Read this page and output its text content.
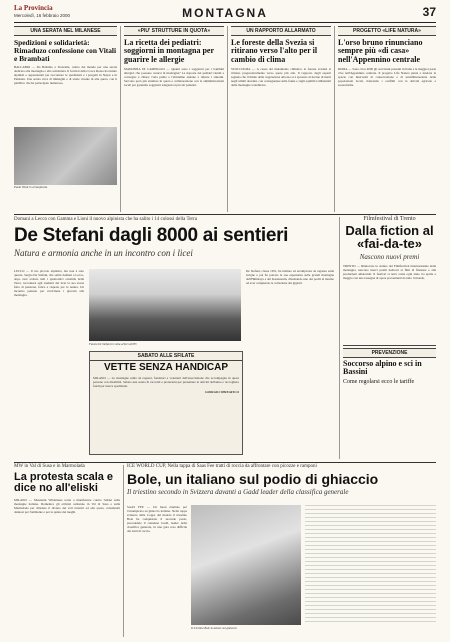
La Provincia
Mercoledì, 16 febbraio 2000	MONTAGNA	37
UNA SERATA NEL MILANESE
Spedizioni e solidarietà: Rimaduzo confessione con Vitali e Brambati
BALLABIO — Da Ballabio a Trezzella, centro del mondo per una serata dedicata alla montagna e alla solidarietà. Il festival della Croce Rossa ha riunito alpinisti e appassionati per raccontare le spedizioni e i progetti in Nepal e in Pakistan. Una serata ricca di immagini e di storie vissute in alta quota, con il pubblico che ha partecipato numeroso.
Paolo Vitali in arrampicata
«PIU' STRUTTURE IN QUOTA»
La ricetta dei pediatri: soggiorni in montagna per guarire le allergie
MADONNA DI CAMPIGLIO — Quanti sono i soggiorni per i bambini allergici che possono curarsi in montagna? La risposta dei pediatri riuniti a convegno è chiara: l'aria pulita e l'altitudine aiutano a ridurre i sintomi. Servono però più strutture in quota e collaborazione con le amministrazioni locali per garantire soggiorni adeguati ai piccoli pazienti.
UN RAPPORTO ALLARMATO
Le foreste della Svezia si ritirano verso l'alto per il cambio di clima
STOCCOLMA — A causa del mutamento climatico le foreste svedesi si ritirano progressivamente verso quote più alte. Il rapporto degli esperti segnala che il limite della vegetazione arborea si è spostato di decine di metri negli ultimi decenni, con conseguenze sulla fauna e sugli equilibri ambientali delle montagne scandinave.
PROGETTO «LIFE NATURA»
L'orso bruno rinunciano sempre più «di casa» nell'Appennino centrale
ROMA — Sono circa 4000 gli orsi bruni presenti in Italia e la maggior parte vive nell'Appennino centrale. Il progetto Life Natura punta a tutelare la specie con interventi di conservazione e di sensibilizzazione delle popolazioni locali, riducendo i conflitti con le attività agricole e zootecniche.
Domani a Lecco con Gamma e Lioni il nuovo alpinista che ha salito i 14 colossi della Terra
De Stefani dagli 8000 ai sentieri
Natura e armonia anche in un incontro con i licei
LECCO — Il tuo piccolo alpinista, ma non è solo questo. Sergio De Stefani, che salirà domani a Lecco, dopo aver scalato tutti i quattordici ottomila della Terra, racconterà agli studenti dei licei la sua storia fatta di passione, fatica e rispetto per la natura. Un incontro pensato per avvicinare i giovani alla montagna.
Fausto De Stefani in vetta al K2 nell'83
De Stefani, classe 1951, ha iniziato ad arrampicare da ragazzo sulle Grigne e poi ha portato la sua esperienza sulle grandi montagne dell'Himalaya e del Karakorum, diventando uno dei pochi al mondo ad aver completato la collezione dei giganti.
SABATO ALLE SFILATE
VETTE SENZA HANDICAP
MILANO — Le montagne salite da ragazzi, fondatori e volontari dell'associazione che accompagna in quota persone con disabilità. Sabato una serata di racconti e proiezioni per presentare le attività dell'anno e raccogliere fondi per nuove spedizioni.
GIORGIO SPREAFICO
Filmfestival di Trento
Dalla fiction al «fai-da-te»
Nascono nuovi premi
TRENTO — Rinnovato lo statuto del Filmfestival internazionale della montagna, nascono nuovi premi dedicati ai film di finzione e alle produzioni amatoriali. Il festival si terrà come ogni anno tra aprile e maggio con una rassegna di opere provenienti da tutto il mondo.
PREVENZIONE
Soccorso alpino e sci in Bassini
Come regolarsi ecco le tariffe
MW in Val di Susa e in Marmolada
La protesta scala e dice no all'eliski
MILANO — Mountain Wilderness torna a manifestare contro l'eliski sulle montagne italiane. Domenica gli attivisti saliranno in Val di Susa e sulla Marmolada per chiedere il divieto dei voli turistici ad alta quota, considerati dannosi per l'ambiente e per la quiete dei luoghi.
ICE WORLD CUP, Nella tappa di Saas Fee tratti di roccia da affrontare con picozze e ramponi
Bole, un italiano sul podio di ghiaccio
Il triestino secondo in Svizzera davanti a Gadd leader della classifica generale
SAAS FEE — Un buon risultato per l'arrampicata su ghiaccio italiana. Nella tappa svizzera della Coppa del mondo il triestino Bole ha conquistato il secondo posto, precedendo il canadese Gadd, leader della classifica generale, in una gara resa difficile dai tratti di roccia.
Il triestino Bole in azione sul ghiaccio
